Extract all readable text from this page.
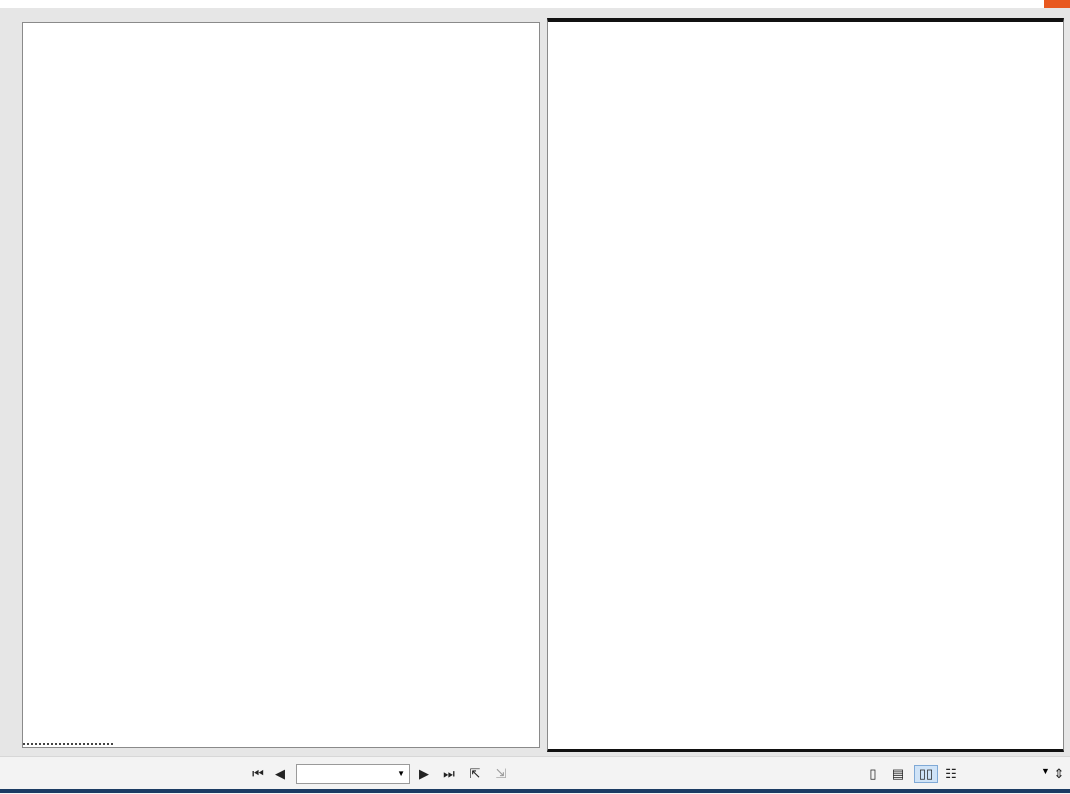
⏮ ◀	▼ ▶ ⏭ ⇱ ⇲	▯ ▤	▯▯ ☷	▼ ⇕
